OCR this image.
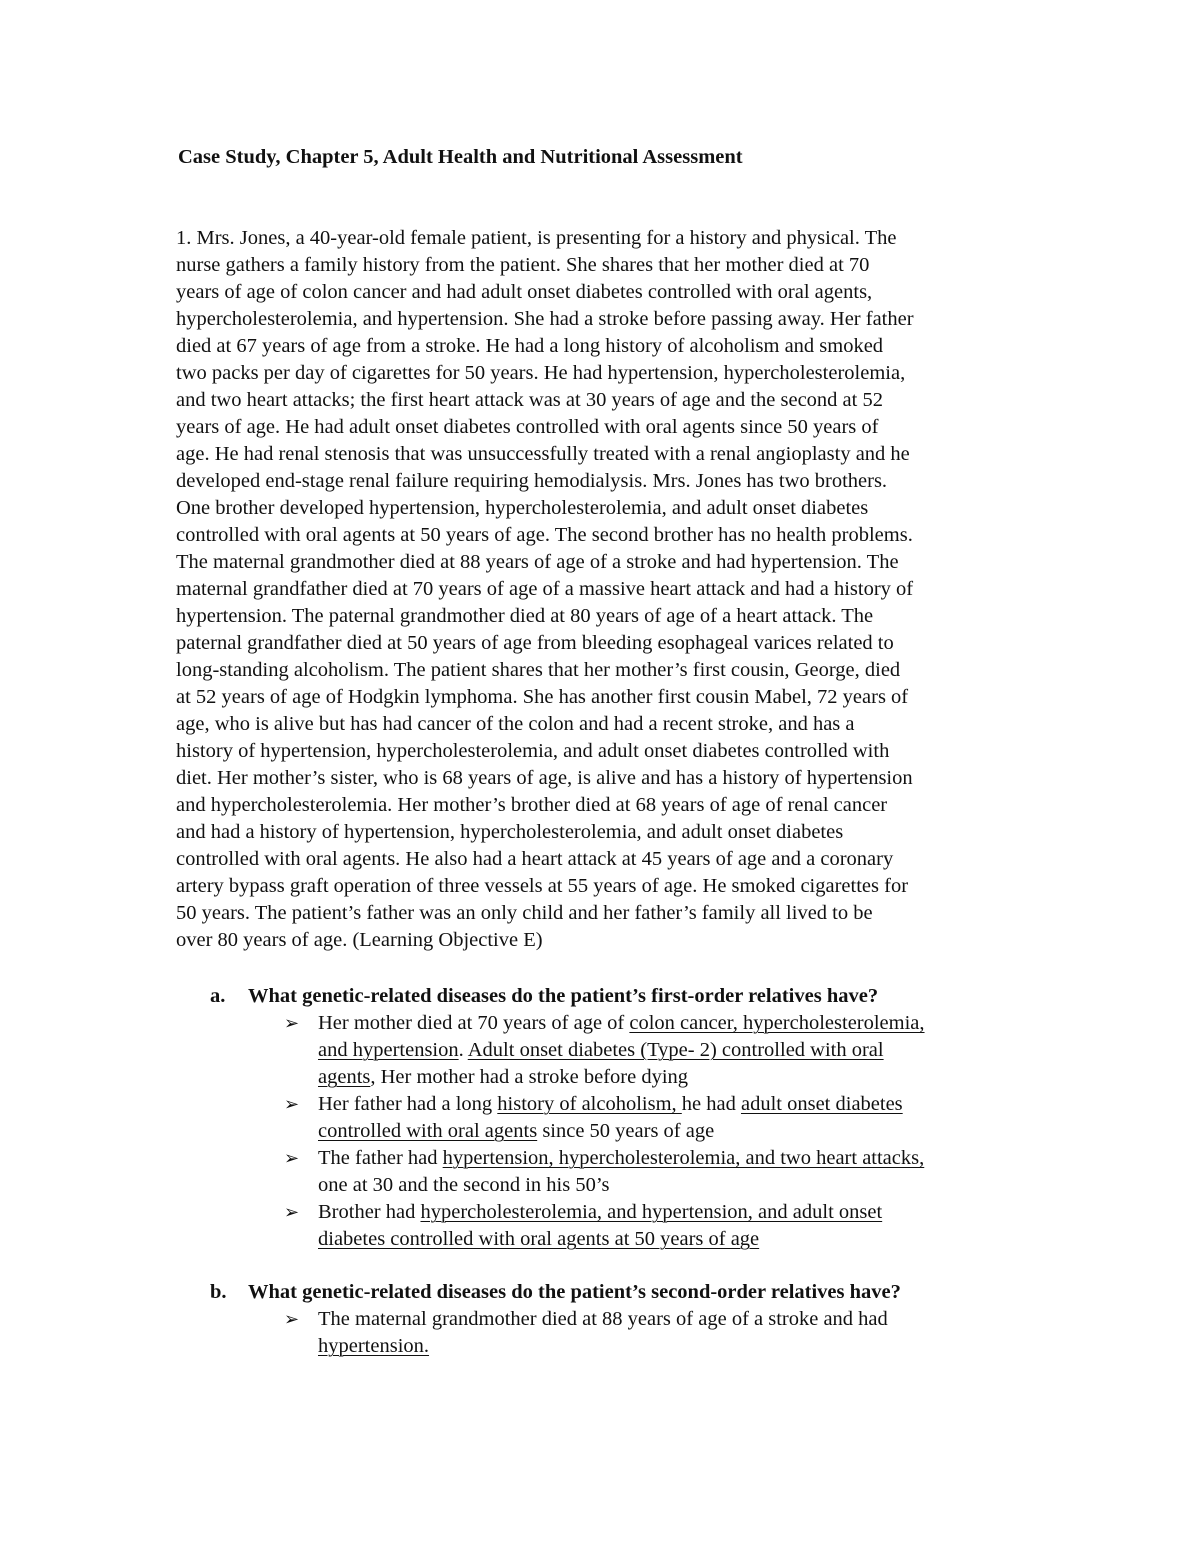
Case Study, Chapter 5, Adult Health and Nutritional Assessment
1. Mrs. Jones, a 40-year-old female patient, is presenting for a history and physical. The
nurse gathers a family history from the patient. She shares that her mother died at 70
years of age of colon cancer and had adult onset diabetes controlled with oral agents,
hypercholesterolemia, and hypertension. She had a stroke before passing away. Her father
died at 67 years of age from a stroke. He had a long history of alcoholism and smoked
two packs per day of cigarettes for 50 years. He had hypertension, hypercholesterolemia,
and two heart attacks; the first heart attack was at 30 years of age and the second at 52
years of age. He had adult onset diabetes controlled with oral agents since 50 years of
age. He had renal stenosis that was unsuccessfully treated with a renal angioplasty and he
developed end-stage renal failure requiring hemodialysis. Mrs. Jones has two brothers.
One brother developed hypertension, hypercholesterolemia, and adult onset diabetes
controlled with oral agents at 50 years of age. The second brother has no health problems.
The maternal grandmother died at 88 years of age of a stroke and had hypertension. The
maternal grandfather died at 70 years of age of a massive heart attack and had a history of
hypertension. The paternal grandmother died at 80 years of age of a heart attack. The
paternal grandfather died at 50 years of age from bleeding esophageal varices related to
long-standing alcoholism. The patient shares that her mother’s first cousin, George, died
at 52 years of age of Hodgkin lymphoma. She has another first cousin Mabel, 72 years of
age, who is alive but has had cancer of the colon and had a recent stroke, and has a
history of hypertension, hypercholesterolemia, and adult onset diabetes controlled with
diet. Her mother’s sister, who is 68 years of age, is alive and has a history of hypertension
and hypercholesterolemia. Her mother’s brother died at 68 years of age of renal cancer
and had a history of hypertension, hypercholesterolemia, and adult onset diabetes
controlled with oral agents. He also had a heart attack at 45 years of age and a coronary
artery bypass graft operation of three vessels at 55 years of age. He smoked cigarettes for
50 years. The patient’s father was an only child and her father’s family all lived to be
over 80 years of age. (Learning Objective E)
a. What genetic-related diseases do the patient’s first-order relatives have?
➢ Her mother died at 70 years of age of colon cancer, hypercholesterolemia,
and hypertension. Adult onset diabetes (Type- 2) controlled with oral
agents, Her mother had a stroke before dying
➢ Her father had a long history of alcoholism, he had adult onset diabetes
controlled with oral agents since 50 years of age
➢ The father had hypertension, hypercholesterolemia, and two heart attacks,
one at 30 and the second in his 50’s
➢ Brother had hypercholesterolemia, and hypertension, and adult onset
diabetes controlled with oral agents at 50 years of age
b. What genetic-related diseases do the patient’s second-order relatives have?
➢ The maternal grandmother died at 88 years of age of a stroke and had
hypertension.
